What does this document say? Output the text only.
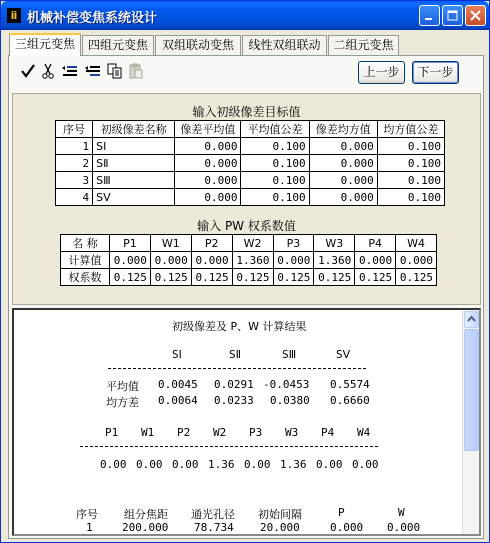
ⅱ 机械补偿变焦系统设计
三组元变焦	四组元变焦	双组联动变焦	线性双组联动	二组元变焦
上一步	下一步
输入初级像差目标值
序号	初级像差名称	像差平均值	平均值公差	像差均方值	均方值公差
1	SⅠ	0.000	0.100	0.000	0.100
2	SⅡ	0.000	0.100	0.000	0.100
3	SⅢ	0.000	0.100	0.000	0.100
4	SⅤ	0.000	0.100	0.000	0.100
输入 PW 权系数值
名 称	P1	W1	P2	W2	P3	W3	P4	W4
计算值	0.000	0.000	0.000	1.360	0.000	1.360	0.000	0.000
权系数	0.125	0.125	0.125	0.125	0.125	0.125	0.125	0.125
初级像差及 P、W 计算结果
SⅠ	SⅡ	SⅢ	SⅤ
平均值 0.0045 0.0291 -0.0453 0.5574
均方差 0.0064 0.0233 0.0380 0.6660
P1 W1 P2 W2 P3 W3 P4 W4
0.00 0.00 0.00 1.36 0.00 1.36 0.00 0.00
序号 组分焦距 通光孔径 初始间隔	P	W
1	200.000 78.734 20.000	0.000 0.000
